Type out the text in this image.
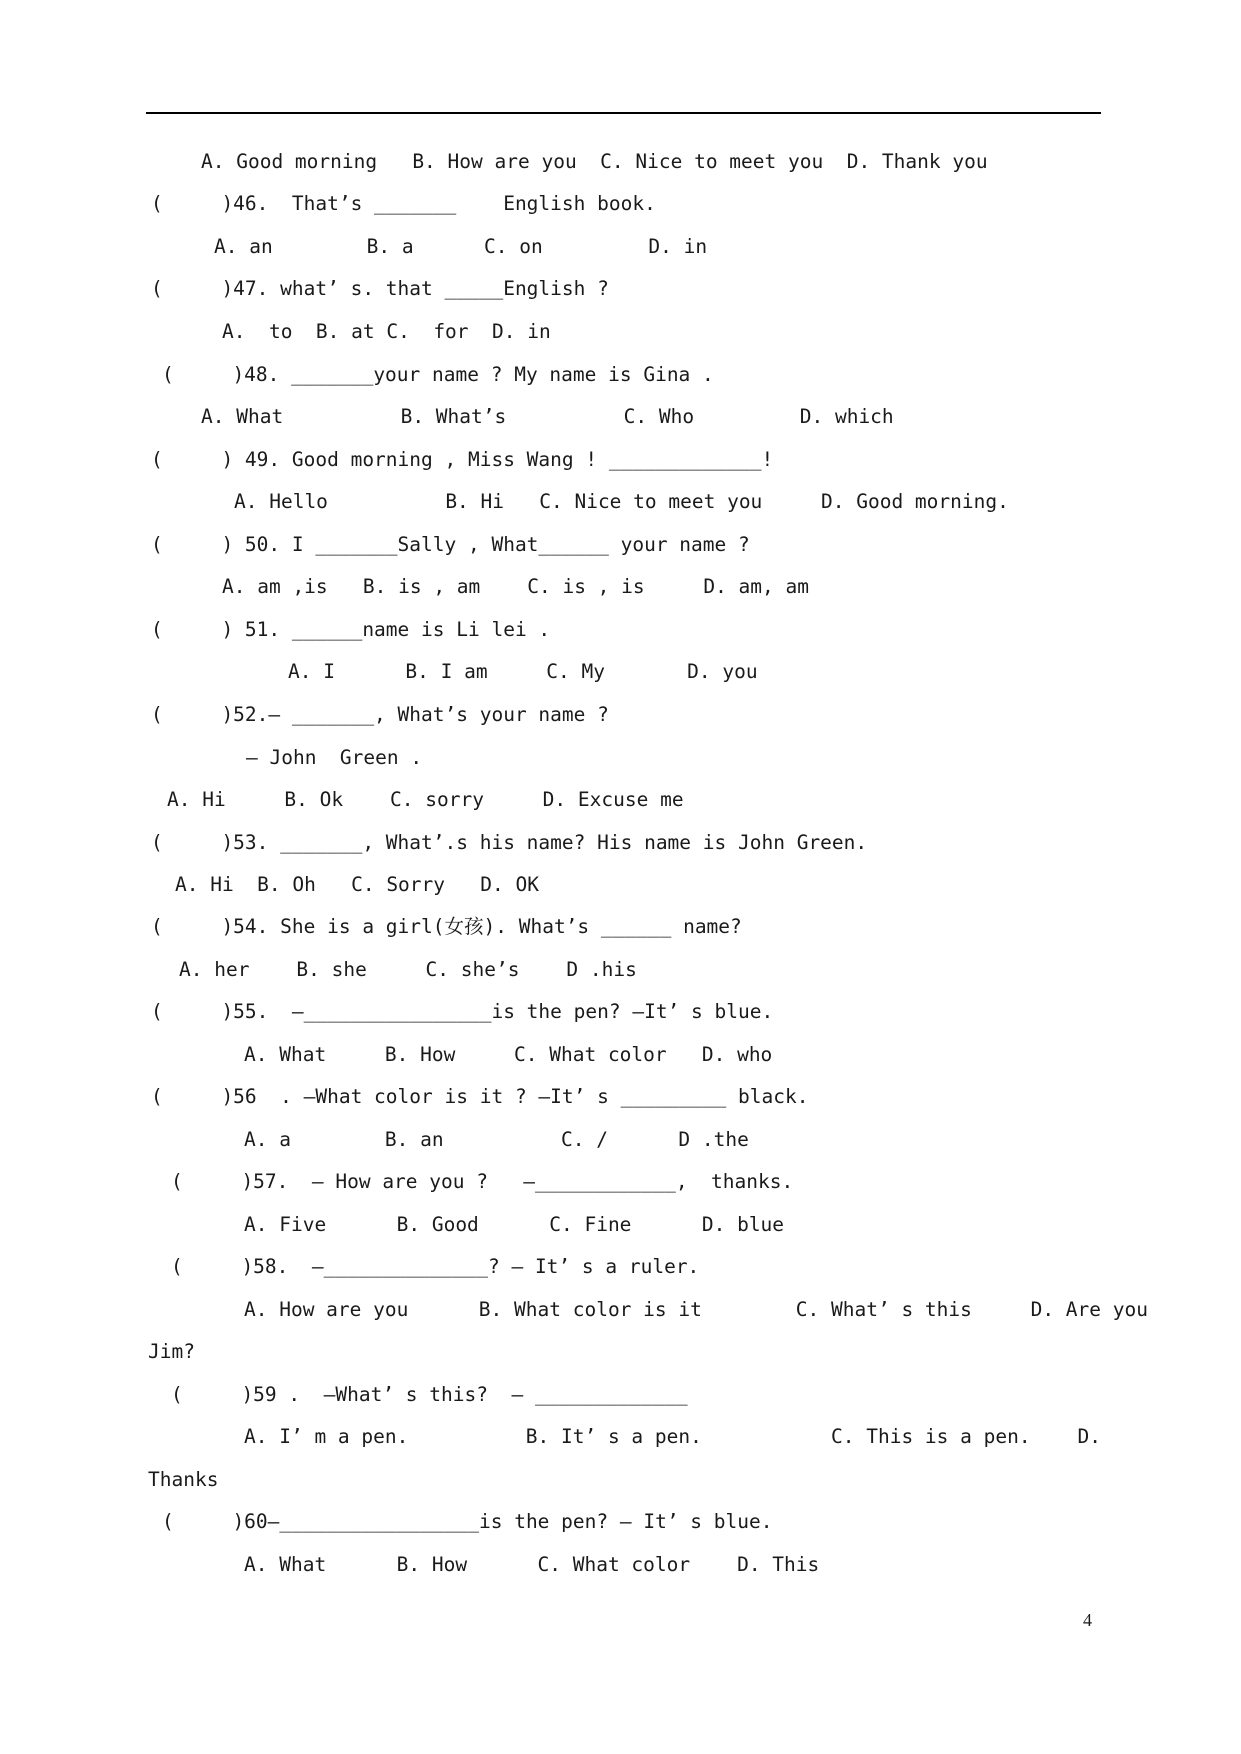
A. Good morning   B. How are you  C. Nice to meet you  D. Thank you
(     )46.  That’s _______    English book.
A. an        B. a      C. on         D. in
(     )47. what’ s. that _____English ?
A.  to  B. at C.  for  D. in
(     )48. _______your name ? My name is Gina .
A. What          B. What’s          C. Who         D. which
(     ) 49. Good morning , Miss Wang ! _____________!
A. Hello          B. Hi   C. Nice to meet you     D. Good morning.
(     ) 50. I _______Sally , What______ your name ?
A. am ,is   B. is , am    C. is , is     D. am, am
(     ) 51. ______name is Li lei .
A. I      B. I am     C. My       D. you
(     )52.— _______, What’s your name ?
— John  Green .
A. Hi     B. Ok    C. sorry     D. Excuse me
(     )53. _______, What’.s his name? His name is John Green.
A. Hi  B. Oh   C. Sorry   D. OK
(     )54. She is a girl(女孩). What’s ______ name?
A. her    B. she     C. she’s    D .his
(     )55.  —________________is the pen? —It’ s blue.
A. What     B. How     C. What color   D. who
(     )56  . —What color is it ? —It’ s _________ black.
A. a        B. an          C. /      D .the
(     )57.  — How are you ?   —____________,  thanks.
A. Five      B. Good      C. Fine      D. blue
(     )58.  —______________? — It’ s a ruler.
A. How are you      B. What color is it        C. What’ s this     D. Are you
Jim?
(     )59 .  —What’ s this?  — _____________
A. I’ m a pen.          B. It’ s a pen.           C. This is a pen.    D.
Thanks
(     )60—_________________is the pen? — It’ s blue.
A. What      B. How      C. What color    D. This
4
